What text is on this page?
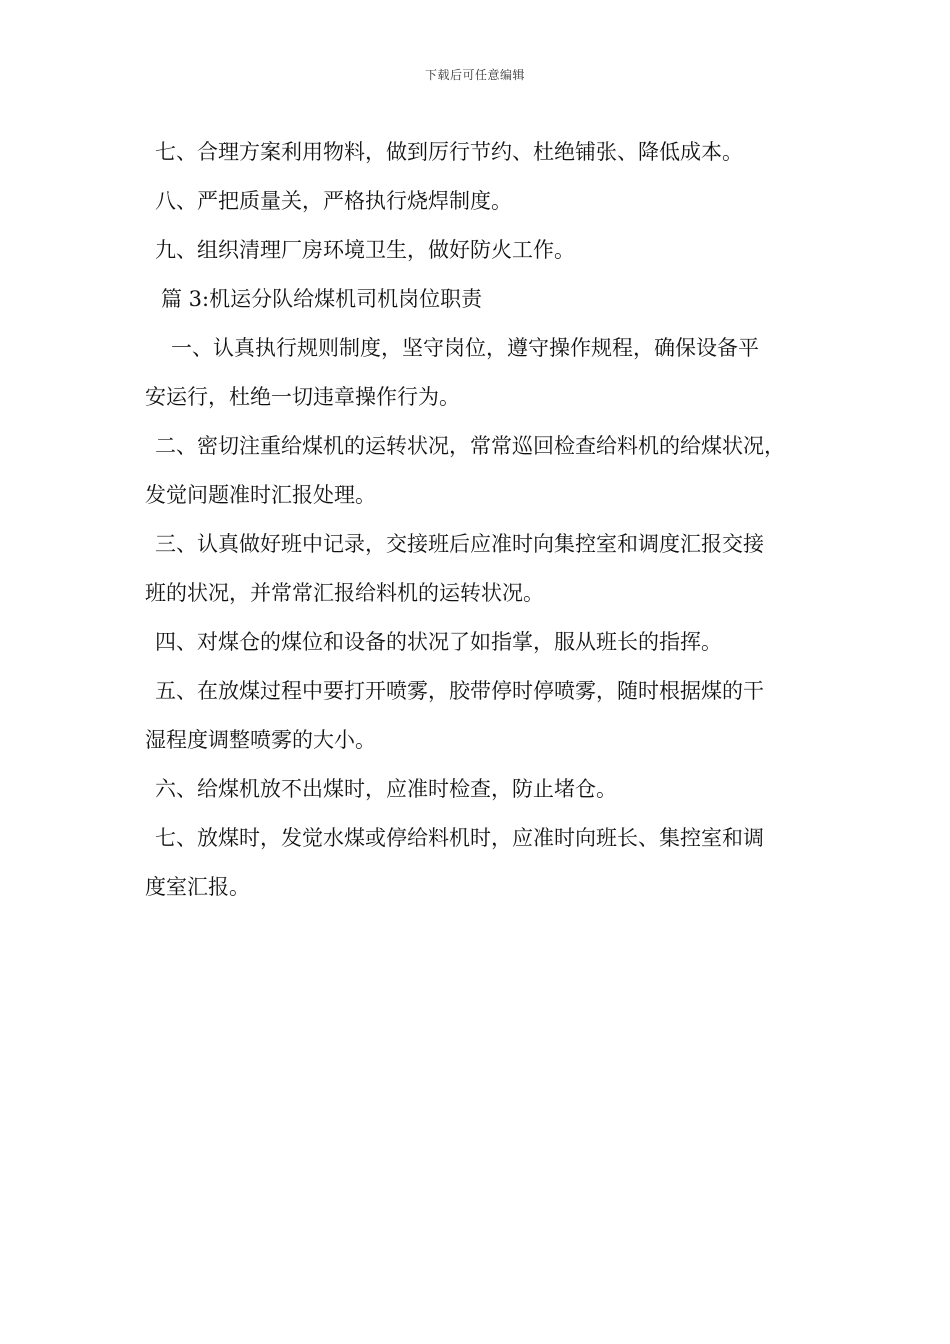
下载后可任意编辑
七、合理方案利用物料，做到厉行节约、杜绝铺张、降低成本。
八、严把质量关，严格执行烧焊制度。
九、组织清理厂房环境卫生，做好防火工作。
篇 3:机运分队给煤机司机岗位职责
一、认真执行规则制度，坚守岗位，遵守操作规程，确保设备平
安运行，杜绝一切违章操作行为。
二、密切注重给煤机的运转状况，常常巡回检查给料机的给煤状况，
发觉问题准时汇报处理。
三、认真做好班中记录，交接班后应准时向集控室和调度汇报交接
班的状况，并常常汇报给料机的运转状况。
四、对煤仓的煤位和设备的状况了如指掌，服从班长的指挥。
五、在放煤过程中要打开喷雾，胶带停时停喷雾，随时根据煤的干
湿程度调整喷雾的大小。
六、给煤机放不出煤时，应准时检查，防止堵仓。
七、放煤时，发觉水煤或停给料机时，应准时向班长、集控室和调
度室汇报。
